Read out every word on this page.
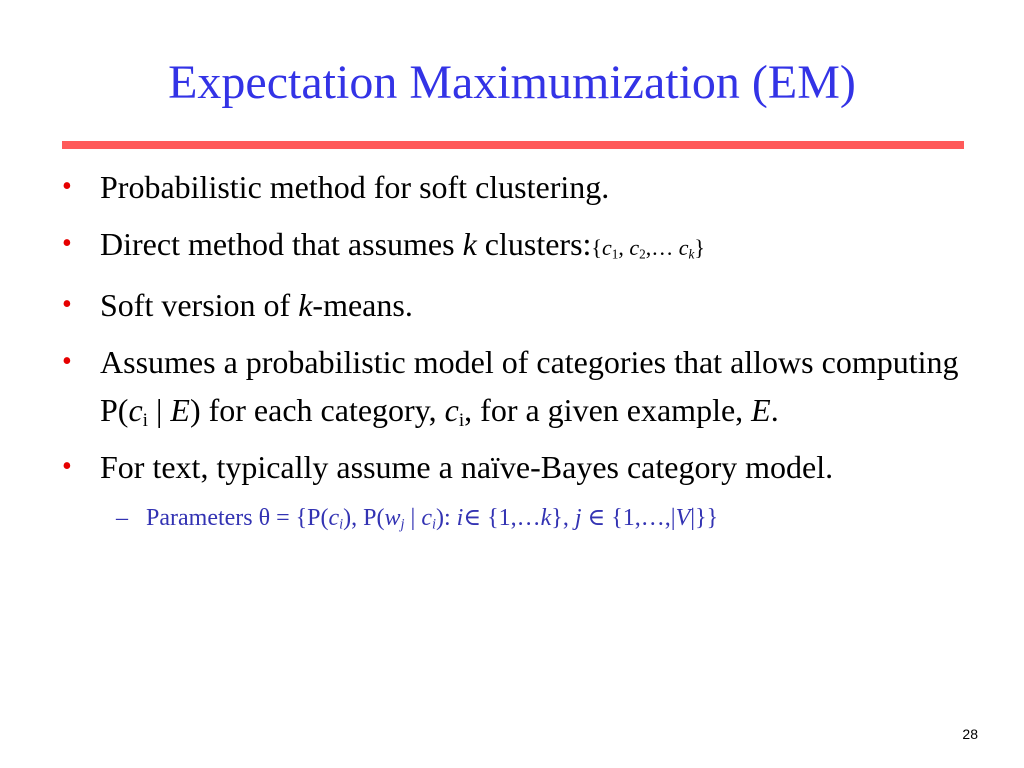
Expectation Maximumization (EM)
• Probabilistic method for soft clustering.
• Direct method that assumes k $clusters:\{c_1$, $c_2,\dots$ $c_k$}
• Soft version of k-means.
• Assumes a probabilistic model of categories that allows computing $P(c_i$ | E) for each category, $c_i$, for a given example, E.
• For text, typically assume a naïve-Bayes category model.
– Parameters $\theta = \{P(c_i)$, $P(w_j$ | $c_i$): i∈ {1,…k}, j ∈ {1,…,|V|}}
28
